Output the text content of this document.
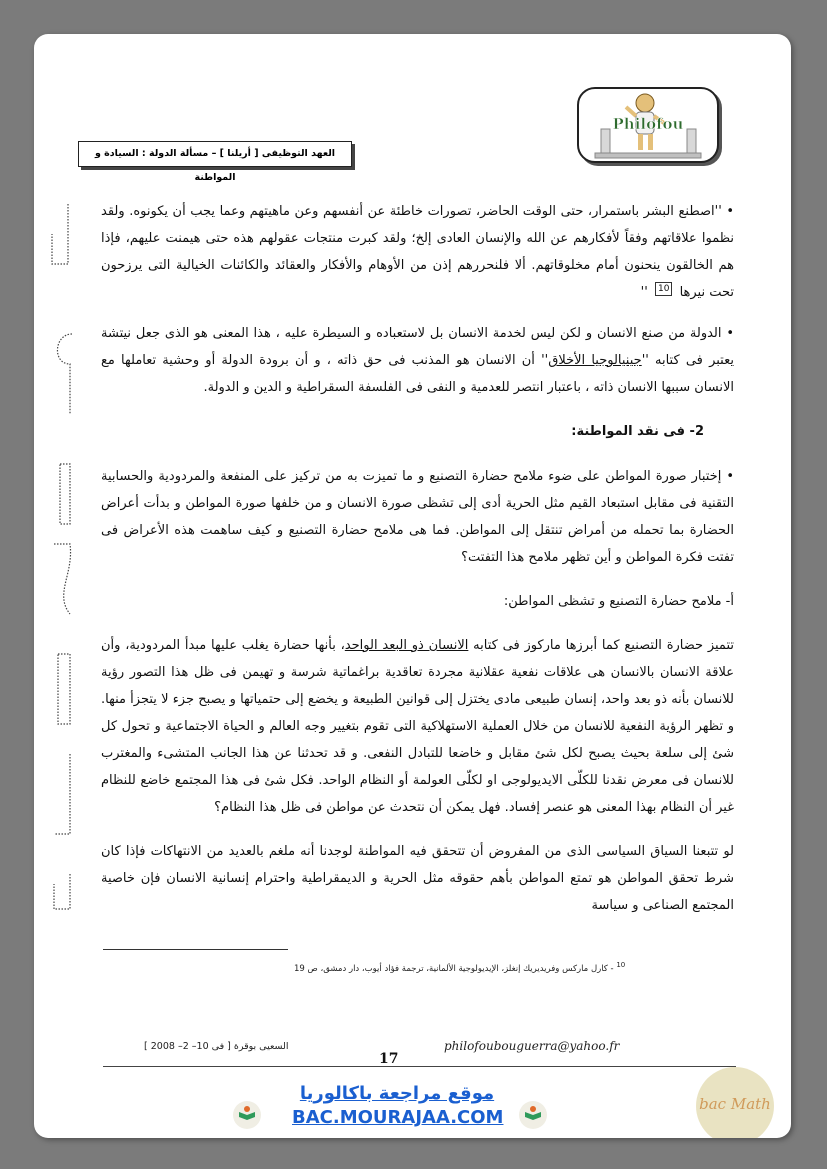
Philofou
العهد التوظيفى [ أريلنا ] – مسألة الدولة : السيادة و المواطنة

• ''اصطنع البشر باستمرار، حتى الوقت الحاضر، تصورات خاطئة عن أنفسهم وعن ماهيتهم وعما يجب أن يكونوه. ولقد نظموا علاقاتهم وفقاً لأفكارهم عن الله والإنسان العادى إلخ؛ ولقد كبرت منتجات عقولهم هذه حتى هيمنت عليهم، فإذا هم الخالقون ينحنون أمام مخلوقاتهم. ألا فلنحررهم إذن من الأوهام والأفكار والعقائد والكائنات الخيالية التى يرزحون تحت نيرها 10 ''

• الدولة من صنع الانسان و لكن ليس لخدمة الانسان بل لاستعباده و السيطرة عليه ، هذا المعنى هو الذى جعل نيتشة يعتبر فى كتابه ''جينيالوجيا الأخلاق'' أن الانسان هو المذنب فى حق ذاته ، و أن برودة الدولة أو وحشية تعاملها مع الانسان سببها الانسان ذاته ، باعتبار انتصر للعدمية و النفى فى الفلسفة السقراطية و الدين و الدولة.

2- فى نقد المواطنة:

• إختبار صورة المواطن على ضوء ملامح حضارة التصنيع و ما تميزت به من تركيز على المنفعة والمردودية والحسابية التقنية فى مقابل استبعاد القيم مثل الحرية أدى إلى تشظى صورة الانسان و من خلفها صورة المواطن و بدأت أعراض الحضارة بما تحمله من أمراض تنتقل إلى المواطن. فما هى ملامح حضارة التصنيع و كيف ساهمت هذه الأعراض فى تفتت فكرة المواطن و أين تظهر ملامح هذا التفتت؟

أ- ملامح حضارة التصنيع و تشظى المواطن:

تتميز حضارة التصنيع كما أبرزها ماركوز فى كتابه الانسان ذو البعد الواحد، بأنها حضارة يغلب عليها مبدأ المردودية، وأن علاقة الانسان بالانسان هى علاقات نفعية عقلانية مجردة تعاقدية براغماتية شرسة و تهيمن فى ظل هذا التصور رؤية للانسان بأنه ذو بعد واحد، إنسان طبيعى مادى يختزل إلى قوانين الطبيعة و يخضع إلى حتمياتها و يصبح جزء لا يتجزأ منها. و تظهر الرؤية النفعية للانسان من خلال العملية الاستهلاكية التى تقوم بتغيير وجه العالم و الحياة الاجتماعية و تحول كل شئ إلى سلعة بحيث يصبح لكل شئ مقابل و خاضعا للتبادل النفعى. و قد تحدثنا عن هذا الجانب المتشىء والمغترب للانسان فى معرض نقدنا للكلّى الايديولوجى او لكلّى العولمة أو النظام الواحد. فكل شئ فى هذا المجتمع خاضع للنظام غير أن النظام بهذا المعنى هو عنصر إفساد. فهل يمكن أن نتحدث عن مواطن فى ظل هذا النظام؟

لو تتبعنا السياق السياسى الذى من المفروض أن تتحقق فيه المواطنة لوجدنا أنه ملغم بالعديد من الانتهاكات فإذا كان شرط تحقق المواطن هو تمتع المواطن بأهم حقوقه مثل الحرية و الديمقراطية واحترام إنسانية الانسان فإن خاصية المجتمع الصناعى و سياسة

$^{10}$ - كارل ماركس وفريديريك إنغلز، الإيديولوجية الألمانية، ترجمة فؤاد أيوب، دار دمشق، ص 19
philofoubouguerra@yahoo.fr
السعيى بوقرة [ فى 10– 2– 2008 ]
17
موقع مراجعة باكالوريا
BAC.MOURAJAA.COM
bac Math
